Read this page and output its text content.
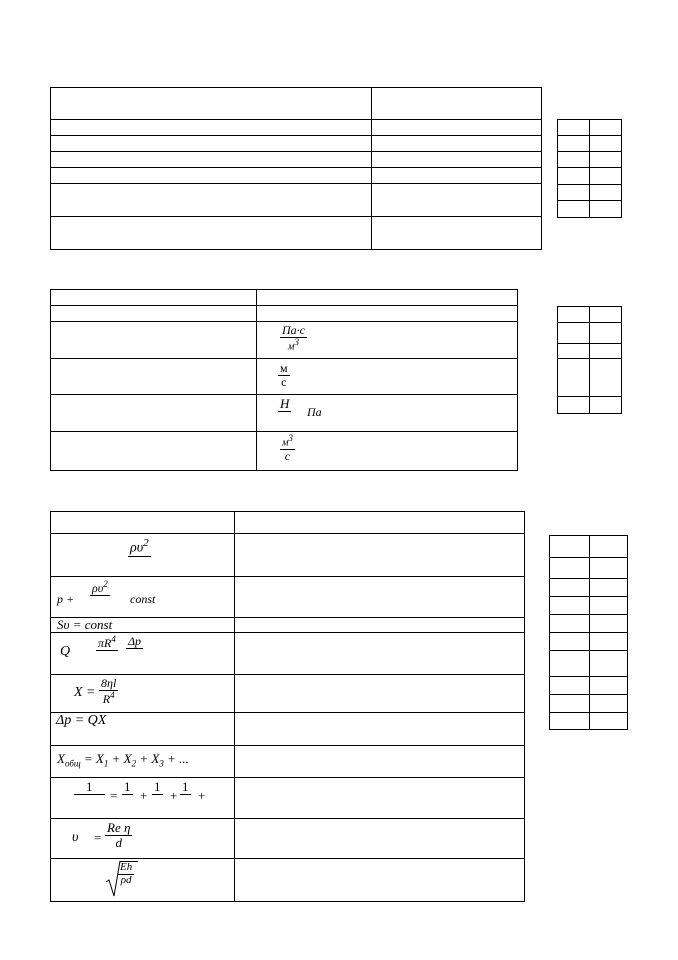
Па·с
$м^3$
м
с
Н

Па
$м^3$
с
$\rho\upsilon^2$

p +
$\rho\upsilon^2$

const
Sυ = const
Q
$\pi R^4$
Δp

$X = \frac{8\eta l}{R^4}$
Δp = QX
$X_{общ} = X_1 + X_2 + X_3$ + ...
1

=
1

+
1

+
1

+
$\upsilon = \frac{\text{Re η}}{d}$
$\frac{Eh}{\rho d}$
